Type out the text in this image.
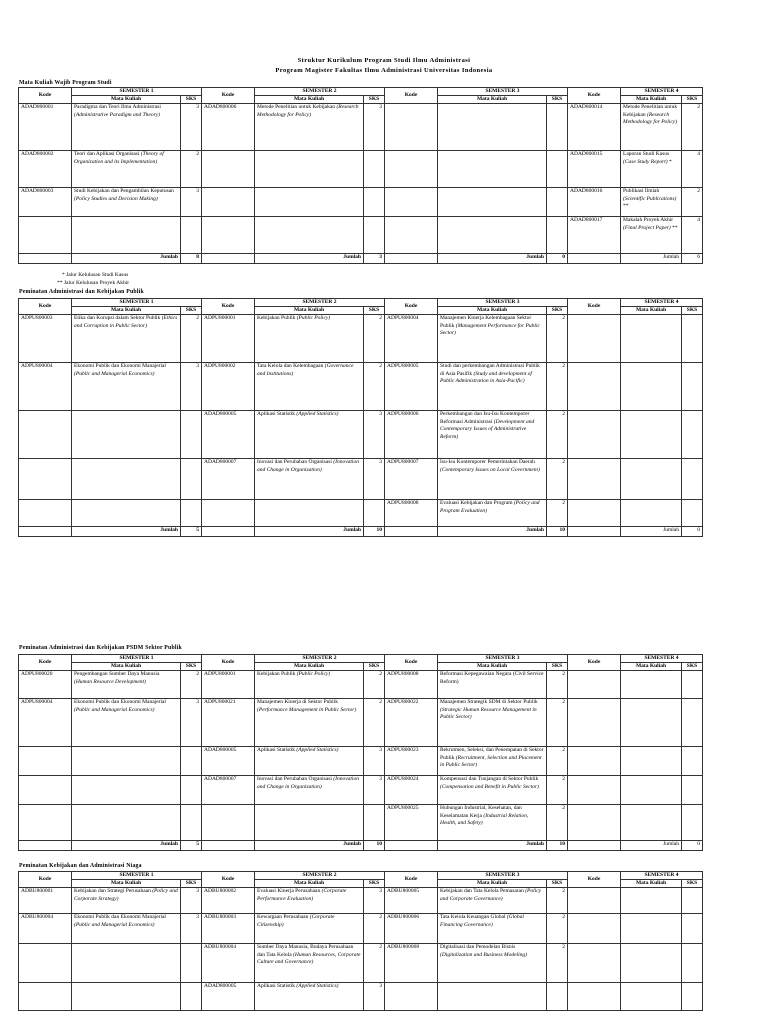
Struktur Kurikulum Program Studi Ilmu Administrasi
Program Magister Fakultas Ilmu Administrasi Universitas Indonesia
Mata Kuliah Wajib Program Studi
Kode	SEMESTER 1		Kode	SEMESTER 2		Kode	SEMESTER 3		Kode	SEMESTER 4	
	Mata Kuliah	SKS		Mata Kuliah	SKS		Mata Kuliah	SKS		Mata Kuliah	SKS
ADAD800001	Paradigma dan Teori Ilmu Administrasi (Administrative Paradigm and Theory)	3	ADAD800006	Metode Penelitian untuk Kebijakan (Research Methodology for Policy)	3				ADAD800014	Metode Penelitian untuk Kebijakan (Research Methodology for Policy)	2
ADAD800002	Teori dan Aplikasi Organisasi (Theory of Organization and its Implementation)	2							ADAD800015	Laporan Studi Kasus (Case Study Report) *	4
ADAD800003	Studi Kebijakan dan Pengambilan Keputusan (Policy Studies and Decision Making)	3							ADAD800016	Publikasi Ilmiah (Scientific Publications) **	2
									ADAD800017	Makalah Proyek Akhir (Final Project Paper) **	4
	Jumlah	8		Jumlah	3		Jumlah	0		Jumlah	6
* Jalur Kelulusan Studi Kasus
** Jalur Kelulusan Proyek Akhir
Peminatan Administrasi dan Kebijakan Publik
Kode	SEMESTER 1		Kode	SEMESTER 2		Kode	SEMESTER 3		Kode	SEMESTER 4	
	Mata Kuliah	SKS		Mata Kuliah	SKS		Mata Kuliah	SKS		Mata Kuliah	SKS
ADPU800003	Etika dan Korupsi dalam Sektor Publik (Ethics and Corruption in Public Sector)	2	ADPU800001	Kebijakan Publik (Public Policy)	2	ADPU800004	Manajemen Kinerja Kelembagaan Sektor Publik (Management Performance for Public Sector)	2			
ADPU800004	Ekonomi Publik dan Ekonomi Manajerial (Public and Managerial Economics)	3	ADPU800002	Tata Kelola dan Kelembagaan (Governance and Institutions)	2	ADPU800005	Studi dan perkembangan Administrasi Publik di Asia Pasifik (Study and development of Public Administration in Asia-Pacific)	2			
			ADAD800005	Aplikasi Statistik (Applied Statistics)	3	ADPU800006	Perkembangan dan Isu-Isu Kontemporer Reformasi Administrasi (Development and Contemporary Issues of Administrative Reform)	2			
			ADAD800007	Inovasi dan Perubahan Organisasi (Innovation and Change in Organization)	3	ADPU800007	Isu-Isu Kontemporer Pemerintahan Daerah (Contemporary Issues on Local Government)	2			
						ADPU800008	Evaluasi Kebijakan dan Program (Policy and Program Evaluation)	2			
	Jumlah	5		Jumlah	10		Jumlah	10		Jumlah	0
Peminatan Administrasi dan Kebijakan PSDM Sektor Publik
Kode	SEMESTER 1		Kode	SEMESTER 2		Kode	SEMESTER 3		Kode	SEMESTER 4	
	Mata Kuliah	SKS		Mata Kuliah	SKS		Mata Kuliah	SKS		Mata Kuliah	SKS
ADPU800020	Pengembangan Sumber Daya Manusia (Human Resource Development)	2	ADPU800001	Kebijakan Publik (Public Policy)	2	ADPU800008	Reformasi Kepegawaian Negara (Civil Service Reform)	2			
ADPU800004	Ekonomi Publik dan Ekonomi Manajerial (Public and Managerial Economics)	3	ADPU800021	Manajemen Kinerja di Sektor Publik (Performance Management in Public Sector)	2	ADPU800022	Manajemen Strategik SDM di Sektor Publik (Strategic Human Resource Management in Public Sector)	2			
			ADAD800005	Aplikasi Statistik (Applied Statistics)	3	ADPU800023	Rekrutmen, Seleksi, dan Penempatan di Sektor Publik (Recruitment, Selection and Placement in Public Sector)	2			
			ADAD800007	Inovasi dan Perubahan Organisasi (Innovation and Change in Organization)	3	ADPU800024	Kompensasi dan Tunjangan di Sektor Publik (Compensation and Benefit in Public Sector)	2			
						ADPU800025	Hubungan Industrial, Kesehatan, dan Keselamatan Kerja (Industrial Relation, Health, and Safety)	2			
	Jumlah	5		Jumlah	10		Jumlah	10		Jumlah	0
Peminatan Kebijakan dan Administrasi Niaga
Kode	SEMESTER 1		Kode	SEMESTER 2		Kode	SEMESTER 3		Kode	SEMESTER 4	
	Mata Kuliah	SKS		Mata Kuliah	SKS		Mata Kuliah	SKS		Mata Kuliah	SKS
ADBU800001	Kebijakan dan Strategi Perusahaan (Policy and Corporate Strategy)	3	ADBU800002	Evaluasi Kinerja Perusahaan (Corporate Performance Evaluation)	3	ADBU800005	Kebijakan dan Tata Kelola Pemasaran (Policy and Corporate Governance)	2			
ADBU800004	Ekonomi Publik dan Ekonomi Manajerial (Public and Managerial Economics)	3	ADBU800003	Kewargaan Perusahaan (Corporate Citizenship)	2	ADBU800006	Tata Kelola Keuangan Global (Global Financing Governance)	2			
			ADBU800004	Sumber Daya Manusia, Budaya Perusahaan dan Tata Kelola (Human Resources, Corporate Culture and Governance)	2	ADBU800008	Digitalisasi dan Pemodelan Bisnis (Digitalization and Business Modeling)	2			
			ADAD800005	Aplikasi Statistik (Applied Statistics)	3						
